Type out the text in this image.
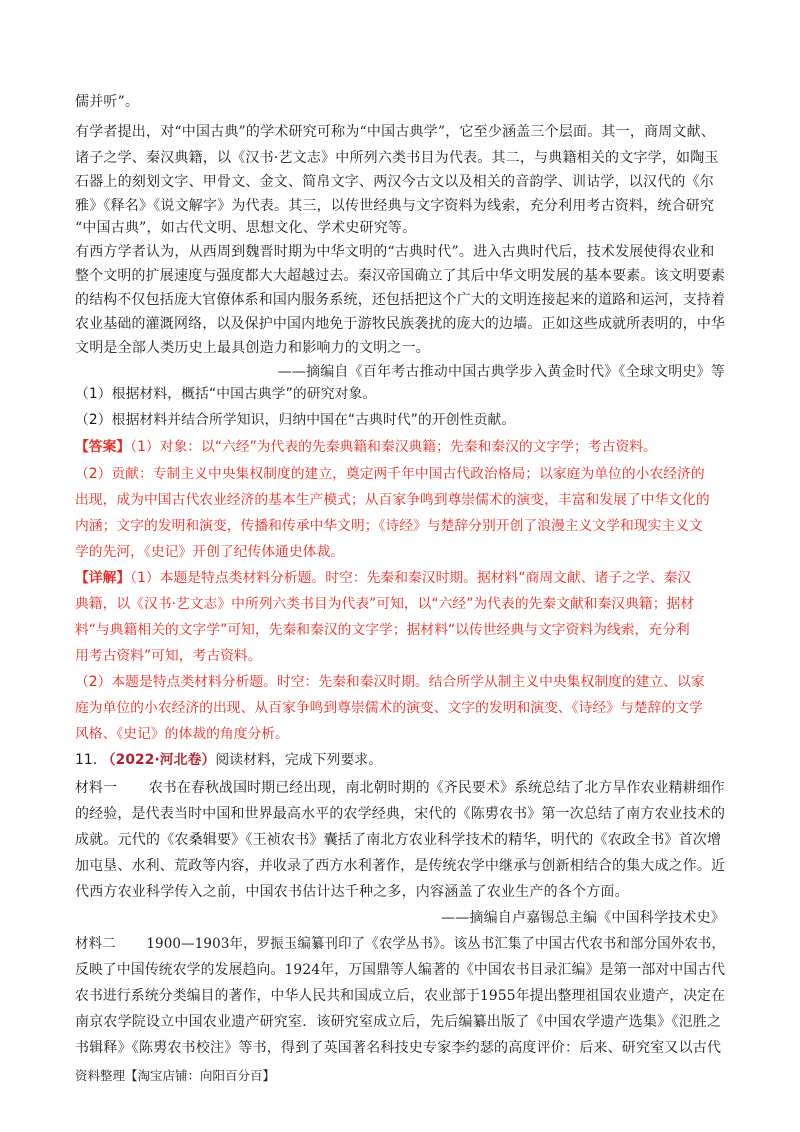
儒并听”。
有学者提出，对“中国古典”的学术研究可称为“中国古典学”，它至少涵盖三个层面。其一，商周文献、
诸子之学、秦汉典籍，以《汉书·艺文志》中所列六类书目为代表。其二，与典籍相关的文字学，如陶玉
石器上的刻划文字、甲骨文、金文、简帛文字、两汉今古文以及相关的音韵学、训诂学，以汉代的《尔
雅》《释名》《说文解字》为代表。其三，以传世经典与文字资料为线索，充分利用考古资料，统合研究
“中国古典”，如古代文明、思想文化、学术史研究等。
有西方学者认为，从西周到魏晋时期为中华文明的“古典时代”。进入古典时代后，技术发展使得农业和
整个文明的扩展速度与强度都大大超越过去。秦汉帝国确立了其后中华文明发展的基本要素。该文明要素
的结构不仅包括庞大官僚体系和国内服务系统，还包括把这个广大的文明连接起来的道路和运河，支持着
农业基础的灌溉网络，以及保护中国内地免于游牧民族袭扰的庞大的边墙。正如这些成就所表明的，中华
文明是全部人类历史上最具创造力和影响力的文明之一。
——摘编自《百年考古推动中国古典学步入黄金时代》《全球文明史》等
（1）根据材料，概括“中国古典学”的研究对象。
（2）根据材料并结合所学知识，归纳中国在“古典时代”的开创性贡献。
【答案】（1）对象：以“六经”为代表的先秦典籍和秦汉典籍；先秦和秦汉的文字学；考古资料。
（2）贡献：专制主义中央集权制度的建立，奠定两千年中国古代政治格局；以家庭为单位的小农经济的
出现，成为中国古代农业经济的基本生产模式；从百家争鸣到尊崇儒术的演变，丰富和发展了中华文化的
内涵；文字的发明和演变，传播和传承中华文明；《诗经》与楚辞分别开创了浪漫主义文学和现实主义文
学的先河，《史记》开创了纪传体通史体裁。
【详解】（1）本题是特点类材料分析题。时空：先秦和秦汉时期。据材料“商周文献、诸子之学、秦汉
典籍，以《汉书·艺文志》中所列六类书目为代表”可知，以“六经”为代表的先秦文献和秦汉典籍；据材
料“与典籍相关的文字学”可知，先秦和秦汉的文字学；据材料“以传世经典与文字资料为线索，充分利
用考古资料”可知，考古资料。
（2）本题是特点类材料分析题。时空：先秦和秦汉时期。结合所学从制主义中央集权制度的建立、以家
庭为单位的小农经济的出现、从百家争鸣到尊崇儒术的演变、文字的发明和演变、《诗经》与楚辞的文学
风格、《史记》的体裁的角度分析。
11. （2022·河北卷）阅读材料，完成下列要求。
材料一 农书在春秋战国时期已经出现，南北朝时期的《齐民要术》系统总结了北方旱作农业精耕细作
的经验，是代表当时中国和世界最高水平的农学经典，宋代的《陈旉农书》第一次总结了南方农业技术的
成就。元代的《农桑辑要》《王祯农书》囊括了南北方农业科学技术的精华，明代的《农政全书》首次增
加屯垦、水利、荒政等内容，并收录了西方水利著作，是传统农学中继承与创新相结合的集大成之作。近
代西方农业科学传入之前，中国农书估计达千种之多，内容涵盖了农业生产的各个方面。
——摘编自卢嘉锡总主编《中国科学技术史》
材料二 1900—1903年，罗振玉编纂刊印了《农学丛书》。该丛书汇集了中国古代农书和部分国外农书，
反映了中国传统农学的发展趋向。1924年，万国鼎等人编著的《中国农书目录汇编》是第一部对中国古代
农书进行系统分类编目的著作，中华人民共和国成立后，农业部于1955年提出整理祖国农业遗产，决定在
南京农学院设立中国农业遗产研究室．该研究室成立后，先后编纂出版了《中国农学遗产选集》《氾胜之
书辑释》《陈旉农书校注》等书，得到了英国著名科技史专家李约瑟的高度评价：后来、研究室又以古代
资料整理【淘宝店铺：向阳百分百】
